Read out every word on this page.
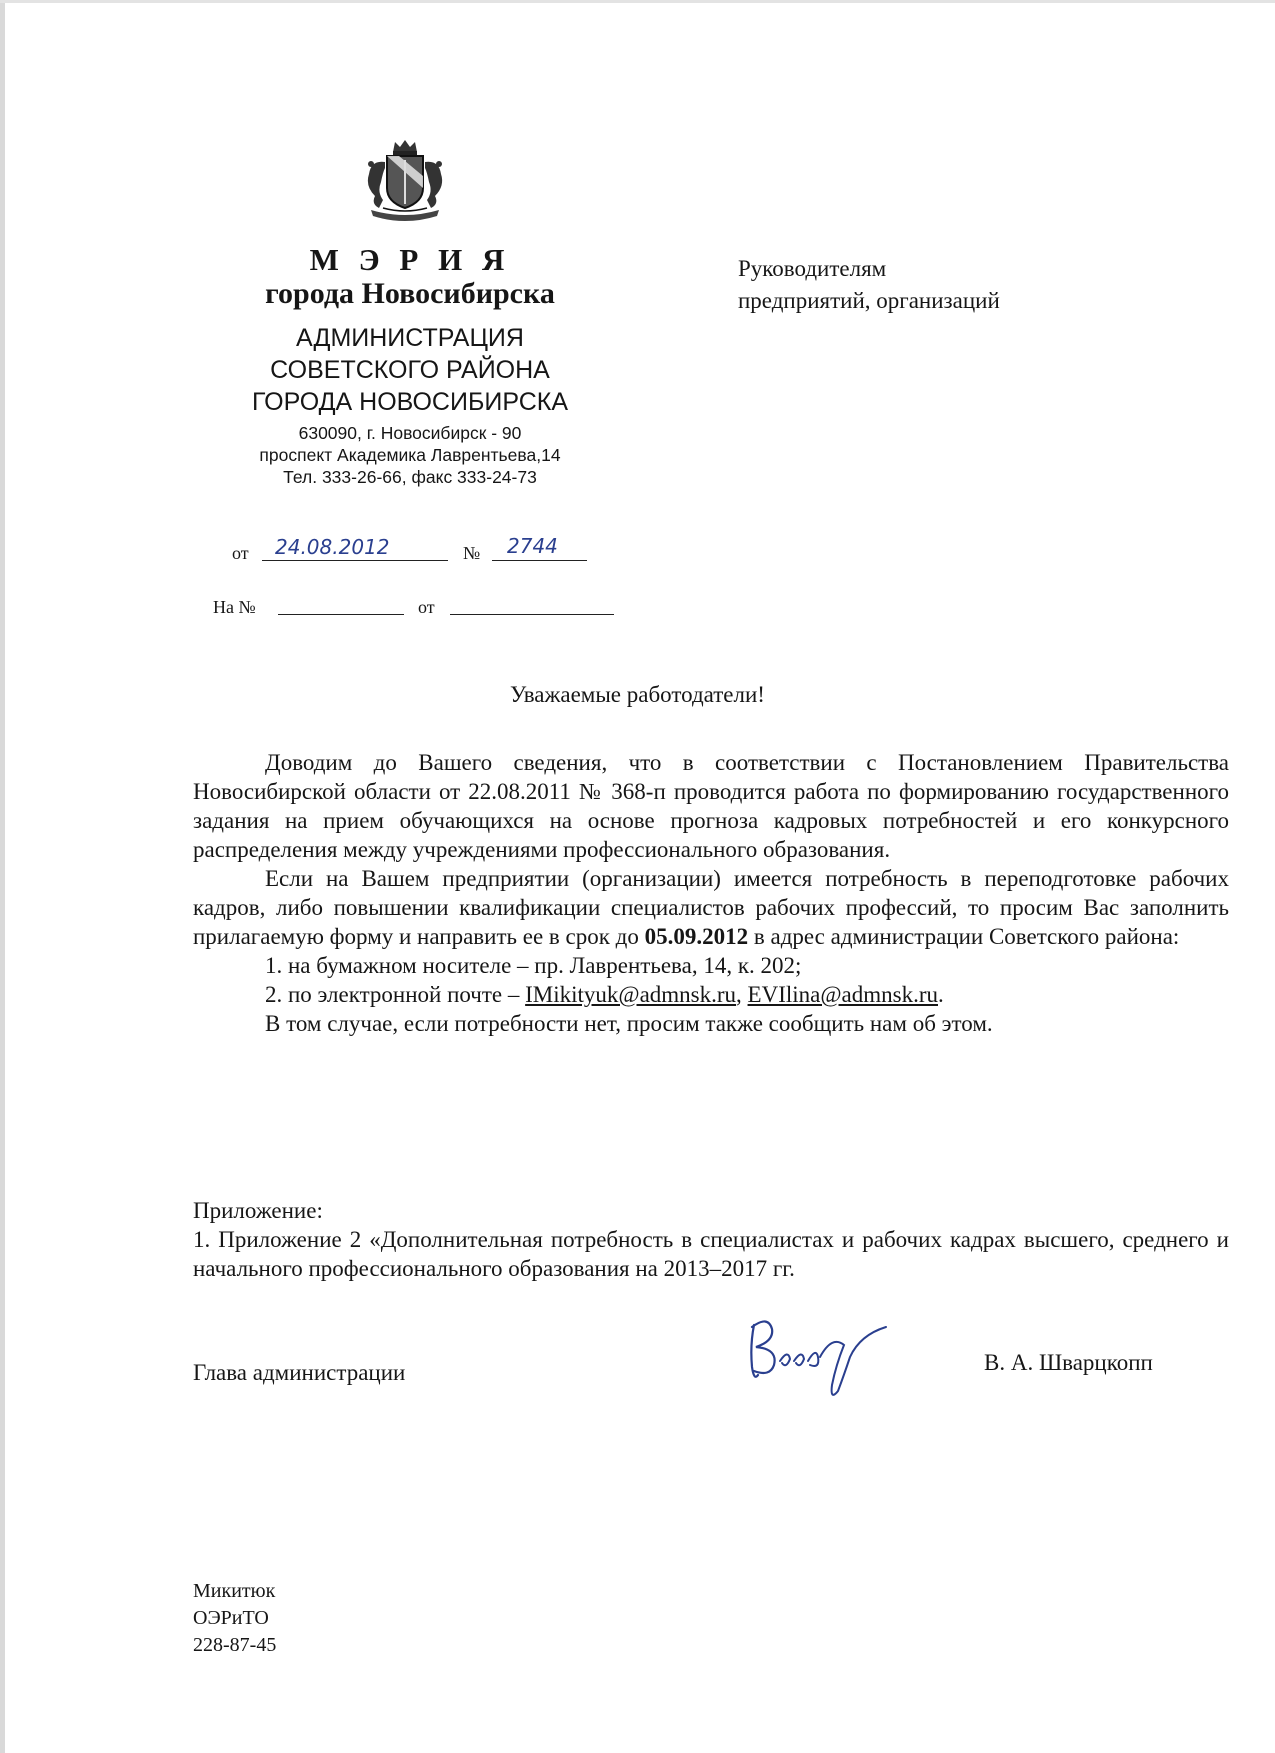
М Э Р И Я
города Новосибирска
АДМИНИСТРАЦИЯ
СОВЕТСКОГО РАЙОНА
ГОРОДА НОВОСИБИРСКА
630090, г. Новосибирск - 90
проспект Академика Лаврентьева,14
Тел. 333-26-66, факс 333-24-73
Руководителям
предприятий, организаций
от 24.08.2012	№ 2744
На №	от
Уважаемые работодатели!

Доводим до Вашего сведения, что в соответствии с Постановлением Правительства Новосибирской области от 22.08.2011 № 368-п проводится работа по формированию государственного задания на прием обучающихся на основе прогноза кадровых потребностей и его конкурсного распределения между учреждениями профессионального образования.

Если на Вашем предприятии (организации) имеется потребность в переподготовке рабочих кадров, либо повышении квалификации специалистов рабочих профессий, то просим Вас заполнить прилагаемую форму и направить ее в срок до 05.09.2012 в адрес администрации Советского района:

1. на бумажном носителе – пр. Лаврентьева, 14, к. 202;

2. по электронной почте – IMikityuk@admnsk.ru, EVIlina@admnsk.ru.

В том случае, если потребности нет, просим также сообщить нам об этом.

Приложение:
1. Приложение 2 «Дополнительная потребность в специалистах и рабочих кадрах высшего, среднего и начального профессионального образования на 2013–2017 гг.
Глава администрации	В. А. Шварцкопп
Микитюк
ОЭРиТО
228-87-45
